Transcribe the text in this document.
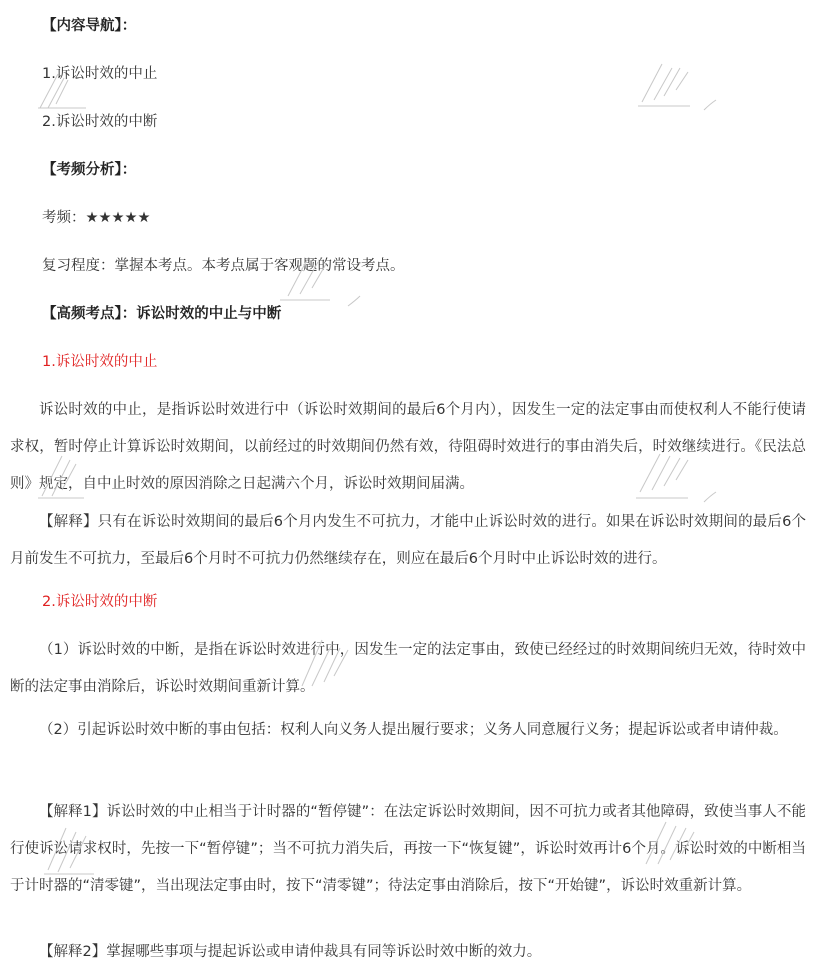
【内容导航】：
1.诉讼时效的中止
2.诉讼时效的中断
【考频分析】：
考频：★★★★★
复习程度：掌握本考点。本考点属于客观题的常设考点。
【高频考点】：诉讼时效的中止与中断
1.诉讼时效的中止

诉讼时效的中止，是指诉讼时效进行中（诉讼时效期间的最后6个月内），因发生一定的法定事由而使权利人不能行使请求权，暂时停止计算诉讼时效期间，以前经过的时效期间仍然有效，待阻碍时效进行的事由消失后，时效继续进行。《民法总则》规定，自中止时效的原因消除之日起满六个月，诉讼时效期间届满。

【解释】只有在诉讼时效期间的最后6个月内发生不可抗力，才能中止诉讼时效的进行。如果在诉讼时效期间的最后6个月前发生不可抗力，至最后6个月时不可抗力仍然继续存在，则应在最后6个月时中止诉讼时效的进行。

2.诉讼时效的中断

（1）诉讼时效的中断，是指在诉讼时效进行中，因发生一定的法定事由，致使已经经过的时效期间统归无效，待时效中断的法定事由消除后，诉讼时效期间重新计算。

（2）引起诉讼时效中断的事由包括：权利人向义务人提出履行要求；义务人同意履行义务；提起诉讼或者申请仲裁。

【解释1】诉讼时效的中止相当于计时器的“暂停键”：在法定诉讼时效期间，因不可抗力或者其他障碍，致使当事人不能行使诉讼请求权时，先按一下“暂停键”；当不可抗力消失后，再按一下“恢复键”，诉讼时效再计6个月。诉讼时效的中断相当于计时器的“清零键”，当出现法定事由时，按下“清零键”；待法定事由消除后，按下“开始键”，诉讼时效重新计算。

【解释2】掌握哪些事项与提起诉讼或申请仲裁具有同等诉讼时效中断的效力。
